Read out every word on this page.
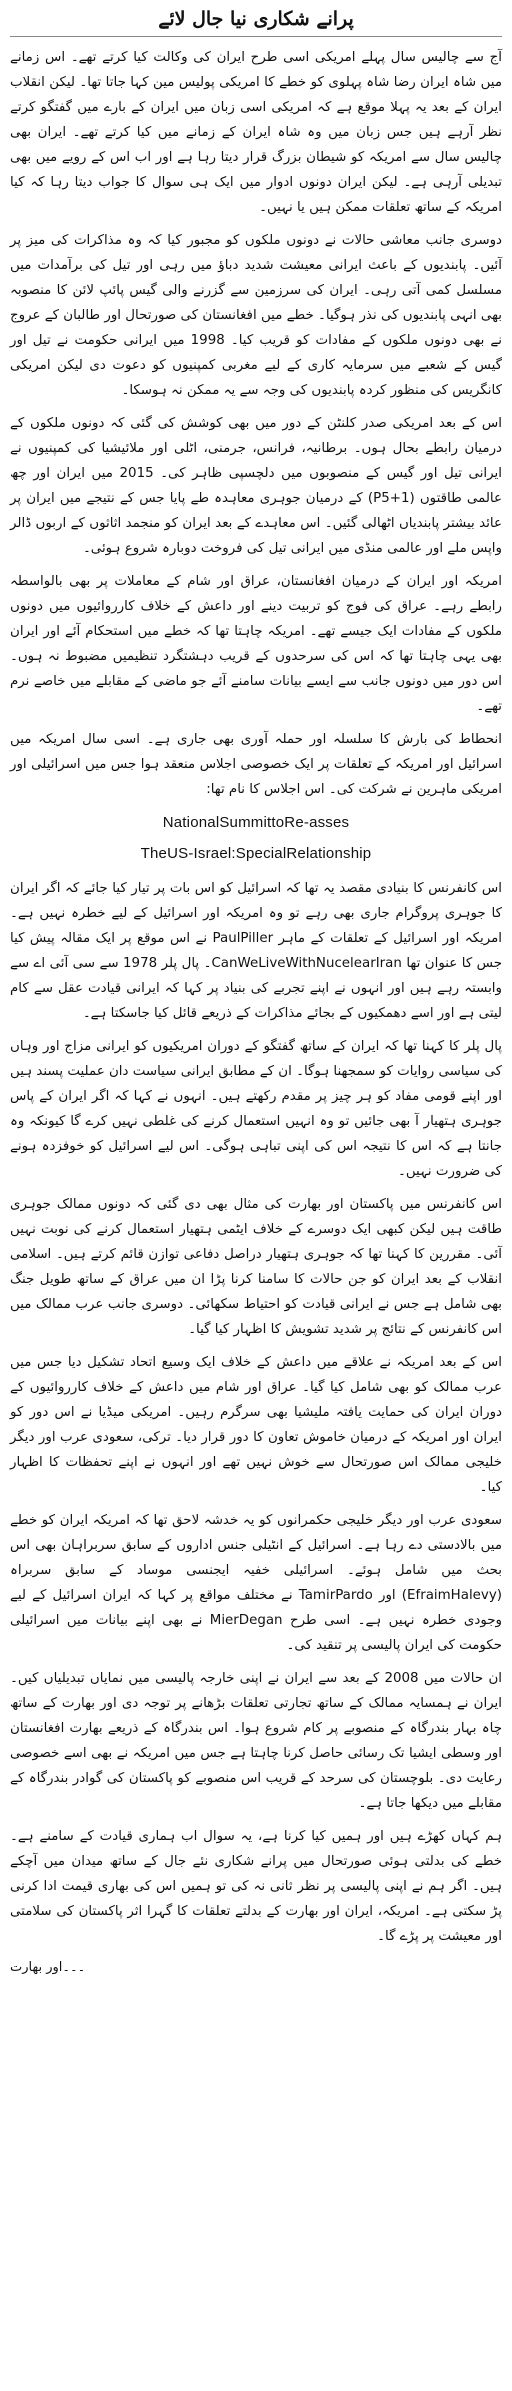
پرانے شکاری نیا جال لائے

آج سے چالیس سال پہلے امریکی اسی طرح ایران کی وکالت کیا کرتے تھے۔ اس زمانے میں شاہ ایران رضا شاہ پہلوی کو خطے کا امریکی پولیس مین کہا جاتا تھا۔ لیکن انقلاب ایران کے بعد یہ پہلا موقع ہے کہ امریکی اسی زبان میں ایران کے بارے میں گفتگو کرتے نظر آرہے ہیں جس زبان میں وہ شاہ ایران کے زمانے میں کیا کرتے تھے۔ ایران بھی چالیس سال سے امریکہ کو شیطان بزرگ قرار دیتا رہا ہے اور اب اس کے رویے میں بھی تبدیلی آرہی ہے۔ لیکن ایران دونوں ادوار میں ایک ہی سوال کا جواب دیتا رہا کہ کیا امریکہ کے ساتھ تعلقات ممکن ہیں یا نہیں۔

دوسری جانب معاشی حالات نے دونوں ملکوں کو مجبور کیا کہ وہ مذاکرات کی میز پر آئیں۔ پابندیوں کے باعث ایرانی معیشت شدید دباؤ میں رہی اور تیل کی برآمدات میں مسلسل کمی آتی رہی۔ ایران کی سرزمین سے گزرنے والی گیس پائپ لائن کا منصوبہ بھی انہی پابندیوں کی نذر ہوگیا۔ خطے میں افغانستان کی صورتحال اور طالبان کے عروج نے بھی دونوں ملکوں کے مفادات کو قریب کیا۔ 1998 میں ایرانی حکومت نے تیل اور گیس کے شعبے میں سرمایہ کاری کے لیے مغربی کمپنیوں کو دعوت دی لیکن امریکی کانگریس کی منظور کردہ پابندیوں کی وجہ سے یہ ممکن نہ ہوسکا۔

اس کے بعد امریکی صدر کلنٹن کے دور میں بھی کوشش کی گئی کہ دونوں ملکوں کے درمیان رابطے بحال ہوں۔ برطانیہ، فرانس، جرمنی، اٹلی اور ملائیشیا کی کمپنیوں نے ایرانی تیل اور گیس کے منصوبوں میں دلچسپی ظاہر کی۔ 2015 میں ایران اور چھ عالمی طاقتوں (P5+1) کے درمیان جوہری معاہدہ طے پایا جس کے نتیجے میں ایران پر عائد بیشتر پابندیاں اٹھالی گئیں۔ اس معاہدے کے بعد ایران کو منجمد اثاثوں کے اربوں ڈالر واپس ملے اور عالمی منڈی میں ایرانی تیل کی فروخت دوبارہ شروع ہوئی۔

امریکہ اور ایران کے درمیان افغانستان، عراق اور شام کے معاملات پر بھی بالواسطہ رابطے رہے۔ عراق کی فوج کو تربیت دینے اور داعش کے خلاف کارروائیوں میں دونوں ملکوں کے مفادات ایک جیسے تھے۔ امریکہ چاہتا تھا کہ خطے میں استحکام آئے اور ایران بھی یہی چاہتا تھا کہ اس کی سرحدوں کے قریب دہشتگرد تنظیمیں مضبوط نہ ہوں۔ اس دور میں دونوں جانب سے ایسے بیانات سامنے آئے جو ماضی کے مقابلے میں خاصے نرم تھے۔

انحطاط کی بارش کا سلسلہ اور حملہ آوری بھی جاری ہے۔ اسی سال امریکہ میں اسرائیل اور امریکہ کے تعلقات پر ایک خصوصی اجلاس منعقد ہوا جس میں اسرائیلی اور امریکی ماہرین نے شرکت کی۔ اس اجلاس کا نام تھا:

NationalSummittoRe-asses
TheUS-Israel:SpecialRelationship

اس کانفرنس کا بنیادی مقصد یہ تھا کہ اسرائیل کو اس بات پر تیار کیا جائے کہ اگر ایران کا جوہری پروگرام جاری بھی رہے تو وہ امریکہ اور اسرائیل کے لیے خطرہ نہیں ہے۔ امریکہ اور اسرائیل کے تعلقات کے ماہر PaulPiller نے اس موقع پر ایک مقالہ پیش کیا جس کا عنوان تھا CanWeLiveWithNucelearIran۔ پال پلر 1978 سے سی آئی اے سے وابستہ رہے ہیں اور انہوں نے اپنے تجربے کی بنیاد پر کہا کہ ایرانی قیادت عقل سے کام لیتی ہے اور اسے دھمکیوں کے بجائے مذاکرات کے ذریعے قائل کیا جاسکتا ہے۔

پال پلر کا کہنا تھا کہ ایران کے ساتھ گفتگو کے دوران امریکیوں کو ایرانی مزاج اور وہاں کی سیاسی روایات کو سمجھنا ہوگا۔ ان کے مطابق ایرانی سیاست دان عملیت پسند ہیں اور اپنے قومی مفاد کو ہر چیز پر مقدم رکھتے ہیں۔ انہوں نے کہا کہ اگر ایران کے پاس جوہری ہتھیار آ بھی جائیں تو وہ انہیں استعمال کرنے کی غلطی نہیں کرے گا کیونکہ وہ جانتا ہے کہ اس کا نتیجہ اس کی اپنی تباہی ہوگی۔ اس لیے اسرائیل کو خوفزدہ ہونے کی ضرورت نہیں۔

اس کانفرنس میں پاکستان اور بھارت کی مثال بھی دی گئی کہ دونوں ممالک جوہری طاقت ہیں لیکن کبھی ایک دوسرے کے خلاف ایٹمی ہتھیار استعمال کرنے کی نوبت نہیں آئی۔ مقررین کا کہنا تھا کہ جوہری ہتھیار دراصل دفاعی توازن قائم کرتے ہیں۔ اسلامی انقلاب کے بعد ایران کو جن حالات کا سامنا کرنا پڑا ان میں عراق کے ساتھ طویل جنگ بھی شامل ہے جس نے ایرانی قیادت کو احتیاط سکھائی۔ دوسری جانب عرب ممالک میں اس کانفرنس کے نتائج پر شدید تشویش کا اظہار کیا گیا۔

اس کے بعد امریکہ نے علاقے میں داعش کے خلاف ایک وسیع اتحاد تشکیل دیا جس میں عرب ممالک کو بھی شامل کیا گیا۔ عراق اور شام میں داعش کے خلاف کارروائیوں کے دوران ایران کی حمایت یافتہ ملیشیا بھی سرگرم رہیں۔ امریکی میڈیا نے اس دور کو ایران اور امریکہ کے درمیان خاموش تعاون کا دور قرار دیا۔ ترکی، سعودی عرب اور دیگر خلیجی ممالک اس صورتحال سے خوش نہیں تھے اور انہوں نے اپنے تحفظات کا اظہار کیا۔

سعودی عرب اور دیگر خلیجی حکمرانوں کو یہ خدشہ لاحق تھا کہ امریکہ ایران کو خطے میں بالادستی دے رہا ہے۔ اسرائیل کے انٹیلی جنس اداروں کے سابق سربراہان بھی اس بحث میں شامل ہوئے۔ اسرائیلی خفیہ ایجنسی موساد کے سابق سربراہ (EfraimHalevy) اور TamirPardo نے مختلف مواقع پر کہا کہ ایران اسرائیل کے لیے وجودی خطرہ نہیں ہے۔ اسی طرح MierDegan نے بھی اپنے بیانات میں اسرائیلی حکومت کی ایران پالیسی پر تنقید کی۔

ان حالات میں 2008 کے بعد سے ایران نے اپنی خارجہ پالیسی میں نمایاں تبدیلیاں کیں۔ ایران نے ہمسایہ ممالک کے ساتھ تجارتی تعلقات بڑھانے پر توجہ دی اور بھارت کے ساتھ چاہ بہار بندرگاہ کے منصوبے پر کام شروع ہوا۔ اس بندرگاہ کے ذریعے بھارت افغانستان اور وسطی ایشیا تک رسائی حاصل کرنا چاہتا ہے جس میں امریکہ نے بھی اسے خصوصی رعایت دی۔ بلوچستان کی سرحد کے قریب اس منصوبے کو پاکستان کی گوادر بندرگاہ کے مقابلے میں دیکھا جاتا ہے۔

ہم کہاں کھڑے ہیں اور ہمیں کیا کرنا ہے، یہ سوال اب ہماری قیادت کے سامنے ہے۔ خطے کی بدلتی ہوئی صورتحال میں پرانے شکاری نئے جال کے ساتھ میدان میں آچکے ہیں۔ اگر ہم نے اپنی پالیسی پر نظر ثانی نہ کی تو ہمیں اس کی بھاری قیمت ادا کرنی پڑ سکتی ہے۔ امریکہ، ایران اور بھارت کے بدلتے تعلقات کا گہرا اثر پاکستان کی سلامتی اور معیشت پر پڑے گا۔

۔۔۔اور بھارت
